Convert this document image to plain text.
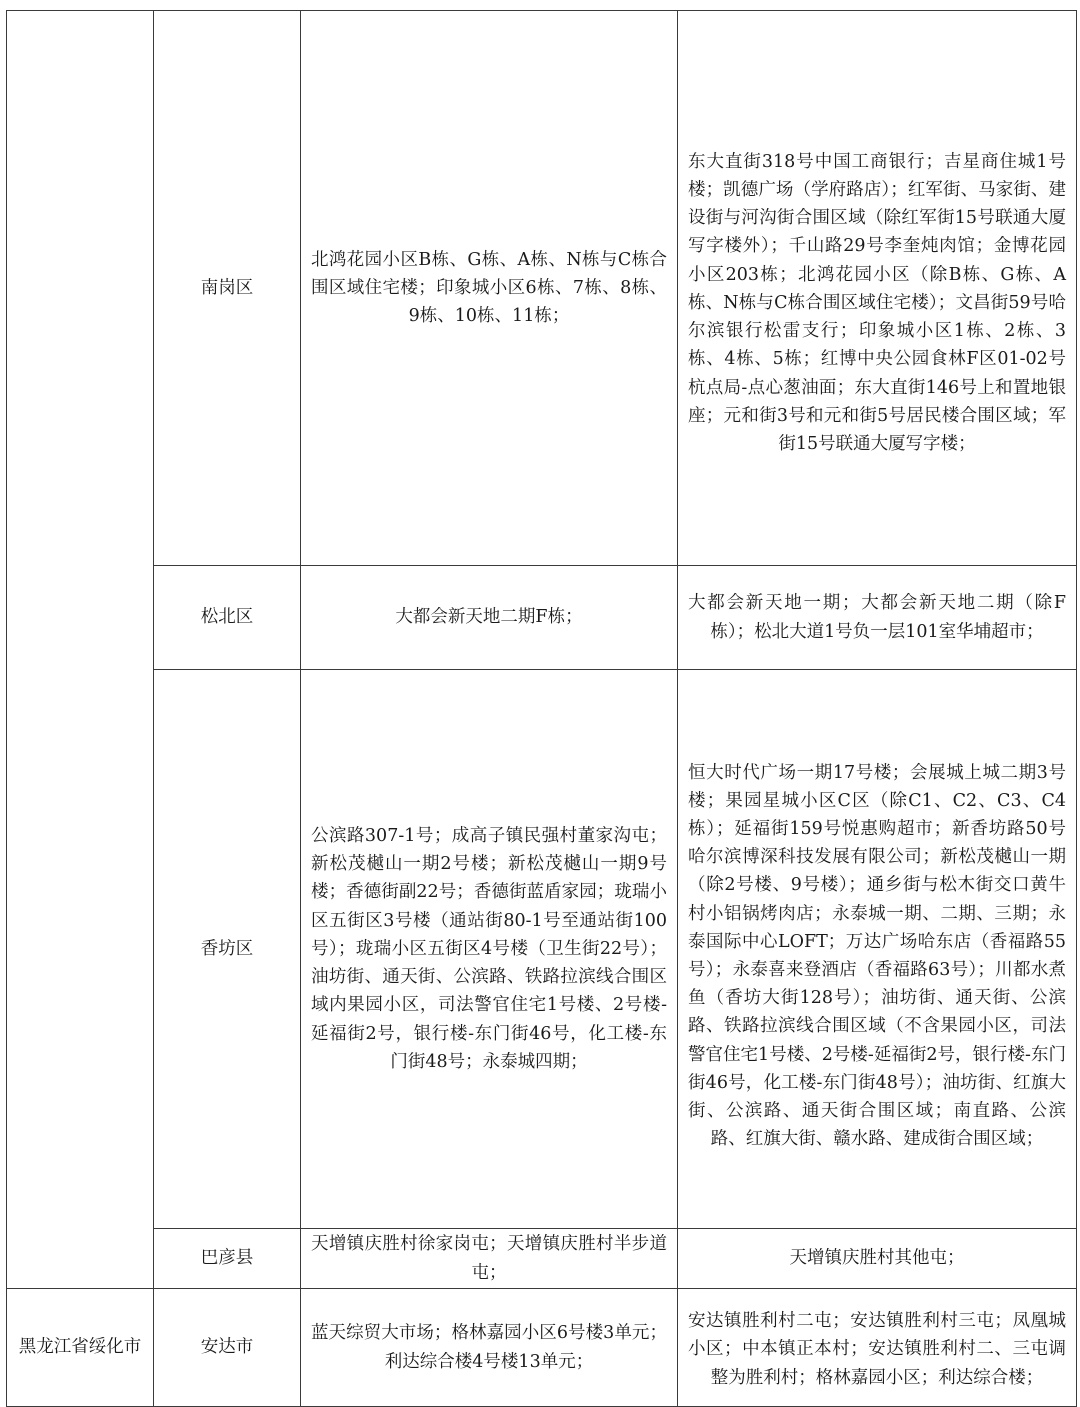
	南岗区	北鸿花园小区B栋、G栋、A栋、N栋与C栋合围区域住宅楼；印象城小区6栋、7栋、8栋、9栋、10栋、11栋；	东大直街318号中国工商银行；吉星商住城1号楼；凯德广场（学府路店）；红军街、马家街、建设街与河沟街合围区域（除红军街15号联通大厦写字楼外）；千山路29号李奎炖肉馆；金博花园小区203栋；北鸿花园小区（除B栋、G栋、A栋、N栋与C栋合围区域住宅楼）；文昌街59号哈尔滨银行松雷支行；印象城小区1栋、2栋、3栋、4栋、5栋；红博中央公园食林F区01-02号杭点局-点心葱油面；东大直街146号上和置地银座；元和街3号和元和街5号居民楼合围区域；军街15号联通大厦写字楼；
	松北区	大都会新天地二期F栋；	大都会新天地一期；大都会新天地二期（除F栋）；松北大道1号负一层101室华埔超市；
	香坊区	公滨路307-1号；成高子镇民强村董家沟屯；新松茂樾山一期2号楼；新松茂樾山一期9号楼；香德街副22号；香德街蓝盾家园；珑瑞小区五街区3号楼（通站街80-1号至通站街100号）；珑瑞小区五街区4号楼（卫生街22号）；油坊街、通天街、公滨路、铁路拉滨线合围区域内果园小区，司法警官住宅1号楼、2号楼-延福街2号，银行楼-东门街46号，化工楼-东门街48号；永泰城四期；	恒大时代广场一期17号楼；会展城上城二期3号楼；果园星城小区C区（除C1、C2、C3、C4栋）；延福街159号悦惠购超市；新香坊路50号哈尔滨博深科技发展有限公司；新松茂樾山一期（除2号楼、9号楼）；通乡街与松木街交口黄牛村小铝锅烤肉店；永泰城一期、二期、三期；永泰国际中心LOFT；万达广场哈东店（香福路55号）；永泰喜来登酒店（香福路63号）；川都水煮鱼（香坊大街128号）；油坊街、通天街、公滨路、铁路拉滨线合围区域（不含果园小区，司法警官住宅1号楼、2号楼-延福街2号，银行楼-东门街46号，化工楼-东门街48号）；油坊街、红旗大街、公滨路、通天街合围区域；南直路、公滨路、红旗大街、赣水路、建成街合围区域；
	巴彦县	天增镇庆胜村徐家岗屯；天增镇庆胜村半步道屯；	天增镇庆胜村其他屯；
黑龙江省绥化市	安达市	蓝天综贸大市场；格林嘉园小区6号楼3单元；利达综合楼4号楼13单元；	安达镇胜利村二屯；安达镇胜利村三屯；凤凰城小区；中本镇正本村；安达镇胜利村二、三屯调整为胜利村；格林嘉园小区；利达综合楼；
